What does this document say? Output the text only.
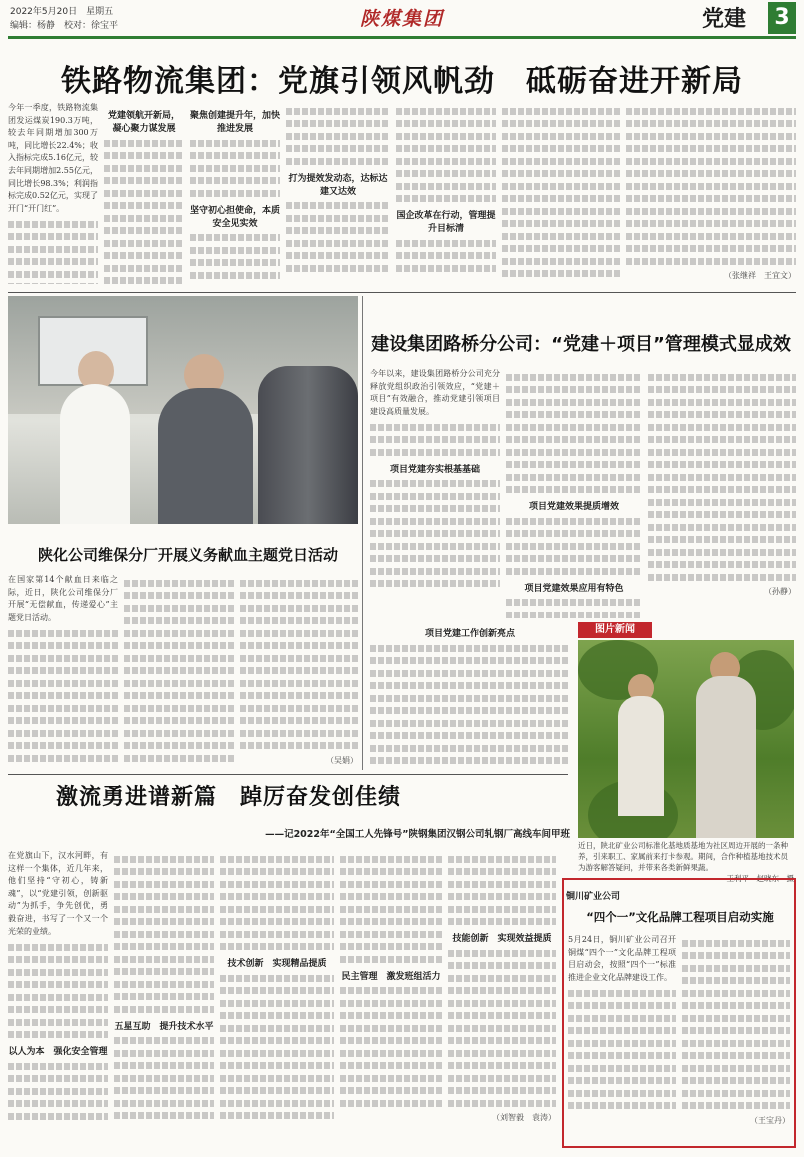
2022年5月20日　星期五
编辑：杨静　校对：徐宝平	陕煤集团	党建 3
铁路物流集团：党旗引领风帆劲　砥砺奋进开新局
今年一季度，铁路物流集团发运煤炭190.3万吨，较去年同期增加300万吨，同比增长22.4%；收入指标完成5.16亿元，较去年同期增加2.55亿元，同比增长98.3%；利润指标完成0.52亿元，实现了开门“开门红”。
党建领航开新局，凝心聚力谋发展
聚焦创建提升年，加快推进发展
坚守初心担使命，本质安全见实效
打为提效发动态，达标达建又达效
国企改革在行动，管理提升目标清
（张继祥　王宜文）
陕化公司维保分厂开展义务献血主题党日活动
在国家第14个献血日来临之际，近日，陕化公司维保分厂开展“无偿献血，传递爱心”主题党日活动。
（吴娟）
建设集团路桥分公司：“党建＋项目”管理模式显成效
今年以来，建设集团路桥分公司充分释放党组织政治引领效应，“党建＋项目”有效融合，推动党建引领项目建设高质量发展。
项目党建夯实根基基础
项目党建工作创新亮点
项目党建效果提质增效
项目党建效果应用有特色	（孙静）
图片新闻
近日，陕北矿业公司标准化基地质基地为社区周边开展的一条种养，引来职工、家属前来打卡参观。期间，合作种植基地技术员为游客解答疑问，并带来各类新鲜果蔬。
王利平　赵晓东　摄
激流勇进谱新篇　踔厉奋发创佳绩
——记2022年“全国工人先锋号”陕钢集团汉钢公司轧钢厂高线车间甲班
在党旗山下，汉水河畔，有这样一个集体，近几年来，他们坚持“守初心，铸新魂”，以“党建引领，创新驱动”为抓手，争先创优，勇毅奋进，书写了一个又一个光荣的业绩。
以人为本　强化安全管理
五星互助　提升技术水平
技术创新　实现精品提质
民主管理　激发班组活力
技能创新　实现效益提质
（刘智毅　袁涛）
铜川矿业公司
“四个一”文化品牌工程项目启动实施
5月24日，铜川矿业公司召开铜煤“四个一”文化品牌工程项目启动会，按照“四个一”标准推进企业文化品牌建设工作。
（王宝丹）
